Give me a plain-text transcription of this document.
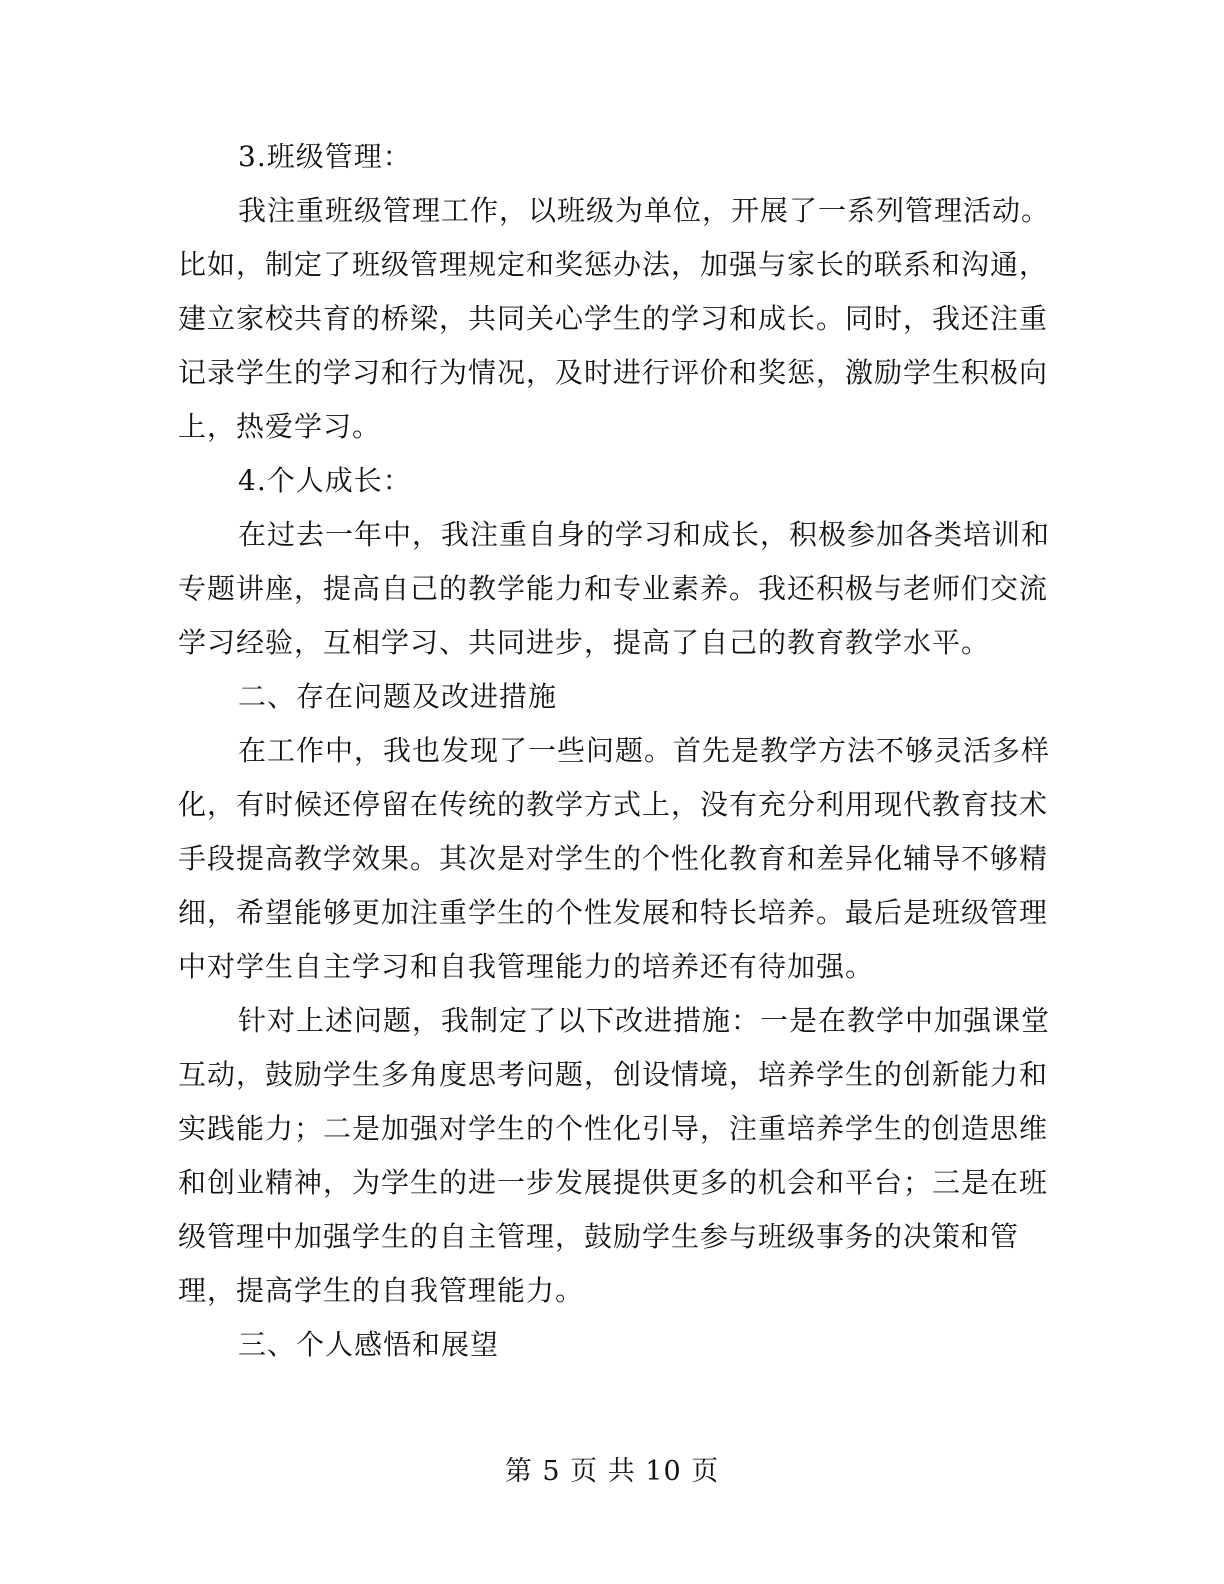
3.班级管理：
我注重班级管理工作，以班级为单位，开展了一系列管理活动。
比如，制定了班级管理规定和奖惩办法，加强与家长的联系和沟通，
建立家校共育的桥梁，共同关心学生的学习和成长。同时，我还注重
记录学生的学习和行为情况，及时进行评价和奖惩，激励学生积极向
上，热爱学习。
4.个人成长：
在过去一年中，我注重自身的学习和成长，积极参加各类培训和
专题讲座，提高自己的教学能力和专业素养。我还积极与老师们交流
学习经验，互相学习、共同进步，提高了自己的教育教学水平。
二、存在问题及改进措施
在工作中，我也发现了一些问题。首先是教学方法不够灵活多样
化，有时候还停留在传统的教学方式上，没有充分利用现代教育技术
手段提高教学效果。其次是对学生的个性化教育和差异化辅导不够精
细，希望能够更加注重学生的个性发展和特长培养。最后是班级管理
中对学生自主学习和自我管理能力的培养还有待加强。
针对上述问题，我制定了以下改进措施：一是在教学中加强课堂
互动，鼓励学生多角度思考问题，创设情境，培养学生的创新能力和
实践能力；二是加强对学生的个性化引导，注重培养学生的创造思维
和创业精神，为学生的进一步发展提供更多的机会和平台；三是在班
级管理中加强学生的自主管理，鼓励学生参与班级事务的决策和管
理，提高学生的自我管理能力。
三、个人感悟和展望
第 5 页 共 10 页
